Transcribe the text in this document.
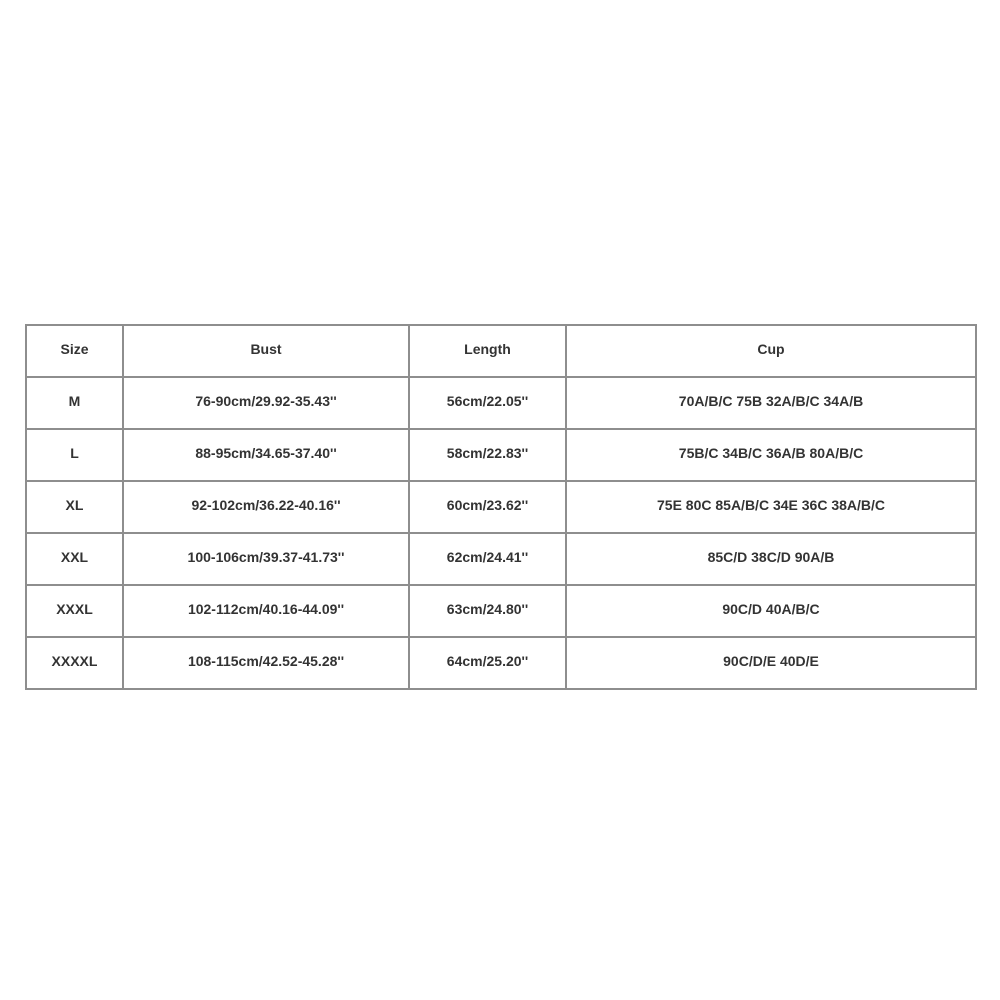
Size	Bust	Length	Cup
M	76-90cm/29.92-35.43''	56cm/22.05''	70A/B/C 75B 32A/B/C 34A/B
L	88-95cm/34.65-37.40''	58cm/22.83''	75B/C 34B/C 36A/B 80A/B/C
XL	92-102cm/36.22-40.16''	60cm/23.62''	75E 80C 85A/B/C 34E 36C 38A/B/C
XXL	100-106cm/39.37-41.73''	62cm/24.41''	85C/D 38C/D 90A/B
XXXL	102-112cm/40.16-44.09''	63cm/24.80''	90C/D 40A/B/C
XXXXL	108-115cm/42.52-45.28''	64cm/25.20''	90C/D/E 40D/E
